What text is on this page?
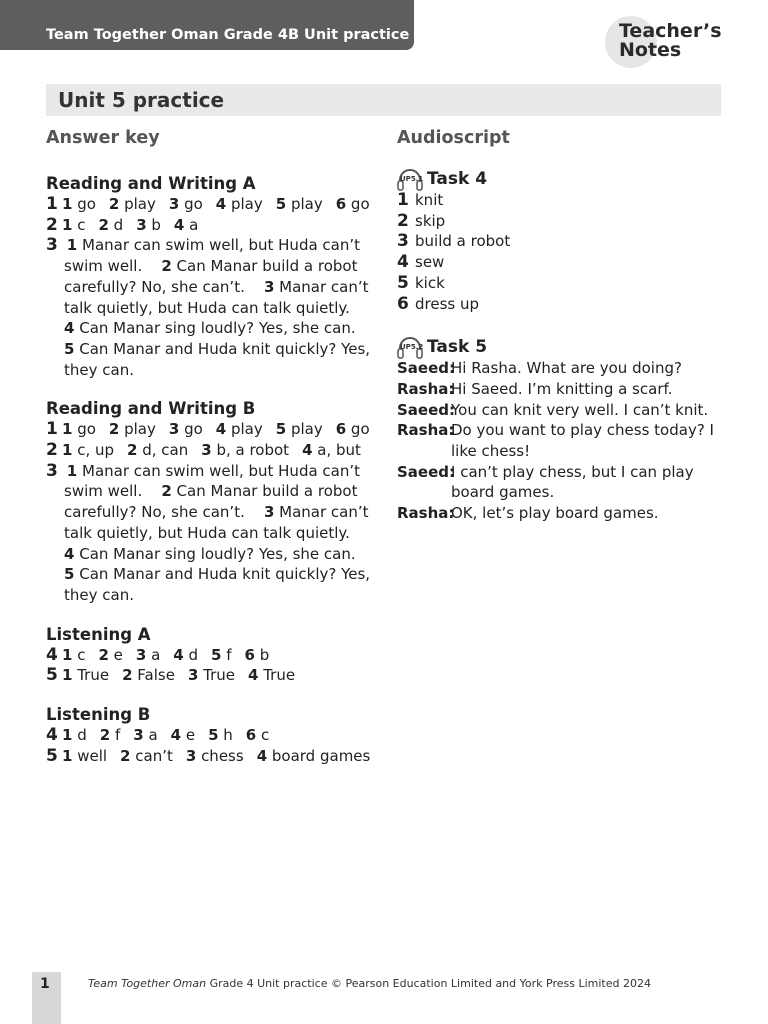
Team Together Oman Grade 4B Unit practice	Teacher’s
Notes
Unit 5 practice
Answer key
Reading and Writing A
1 1 go 2 play 3 go 4 play 5 play 6 go
2 1 c 2 d 3 b 4 a
3 1 Manar can swim well, but Huda can’t
swim well. 2 Can Manar build a robot
carefully? No, she can’t. 3 Manar can’t
talk quietly, but Huda can talk quietly.
4 Can Manar sing loudly? Yes, she can.
5 Can Manar and Huda knit quickly? Yes,
they can.
Reading and Writing B
1 1 go 2 play 3 go 4 play 5 play 6 go
2 1 c, up 2 d, can 3 b, a robot 4 a, but
3 1 Manar can swim well, but Huda can’t
swim well. 2 Can Manar build a robot
carefully? No, she can’t. 3 Manar can’t
talk quietly, but Huda can talk quietly.
4 Can Manar sing loudly? Yes, she can.
5 Can Manar and Huda knit quickly? Yes,
they can.
Listening A
4 1 c 2 e 3 a 4 d 5 f 6 b
5 1 True 2 False 3 True 4 True
Listening B
4 1 d 2 f 3 a 4 e 5 h 6 c
5 1 well 2 can’t 3 chess 4 board games
Audioscript
UP5.1 Task 4
1 knit
2 skip
3 build a robot
4 sew
5 kick
6 dress up
UP5.2 Task 5
Saeed:
Hi Rasha. What are you doing?
Rasha:
Hi Saeed. I’m knitting a scarf.
Saeed:
You can knit very well. I can’t knit.
Rasha:
Do you want to play chess today? I like chess!
Saeed:
I can’t play chess, but I can play board games.
Rasha:
OK, let’s play board games.
1	Team Together Oman Grade 4 Unit practice © Pearson Education Limited and York Press Limited 2024
